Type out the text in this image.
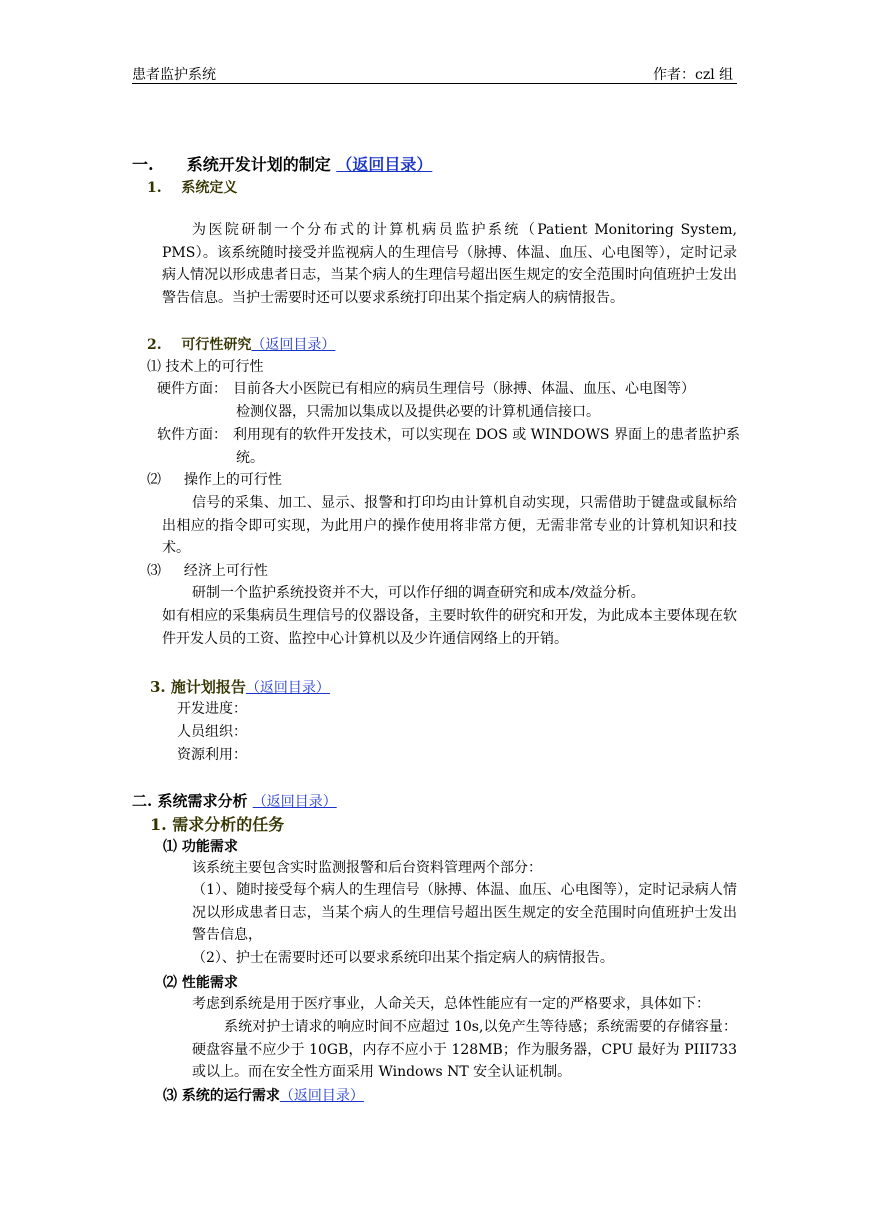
患者监护系统	作者：czl 组
一. 系统开发计划的制定 （返回目录）
1. 系统定义
为医院研制一个分布式的计算机病员监护系统（Patient Monitoring System, PMS）。该系统随时接受并监视病人的生理信号（脉搏、体温、血压、心电图等），定时记录病人情况以形成患者日志，当某个病人的生理信号超出医生规定的安全范围时向值班护士发出警告信息。当护士需要时还可以要求系统打印出某个指定病人的病情报告。
2. 可行性研究（返回目录）
⑴ 技术上的可行性
硬件方面： 目前各大小医院已有相应的病员生理信号（脉搏、体温、血压、心电图等）
检测仪器，只需加以集成以及提供必要的计算机通信接口。
软件方面： 利用现有的软件开发技术，可以实现在 DOS 或 WINDOWS 界面上的患者监护系
统。
⑵ 操作上的可行性
信号的采集、加工、显示、报警和打印均由计算机自动实现，只需借助于键盘或鼠标给出相应的指令即可实现，为此用户的操作使用将非常方便，无需非常专业的计算机知识和技术。
⑶ 经济上可行性
研制一个监护系统投资并不大，可以作仔细的调查研究和成本/效益分析。
如有相应的采集病员生理信号的仪器设备，主要时软件的研究和开发，为此成本主要体现在软件开发人员的工资、监控中心计算机以及少许通信网络上的开销。
3. 施计划报告（返回目录）
开发进度：
人员组织：
资源利用：
二. 系统需求分析 （返回目录）
1. 需求分析的任务
⑴ 功能需求
该系统主要包含实时监测报警和后台资料管理两个部分：
（1）、随时接受每个病人的生理信号（脉搏、体温、血压、心电图等），定时记录病人情况以形成患者日志，当某个病人的生理信号超出医生规定的安全范围时向值班护士发出警告信息，
（2）、护士在需要时还可以要求系统印出某个指定病人的病情报告。
⑵ 性能需求
考虑到系统是用于医疗事业，人命关天，总体性能应有一定的严格要求，具体如下：
系统对护士请求的响应时间不应超过 10s,以免产生等待感；系统需要的存储容量：硬盘容量不应少于 10GB，内存不应小于 128MB；作为服务器，CPU 最好为 PIII733 或以上。而在安全性方面采用 Windows NT 安全认证机制。
⑶ 系统的运行需求（返回目录）
